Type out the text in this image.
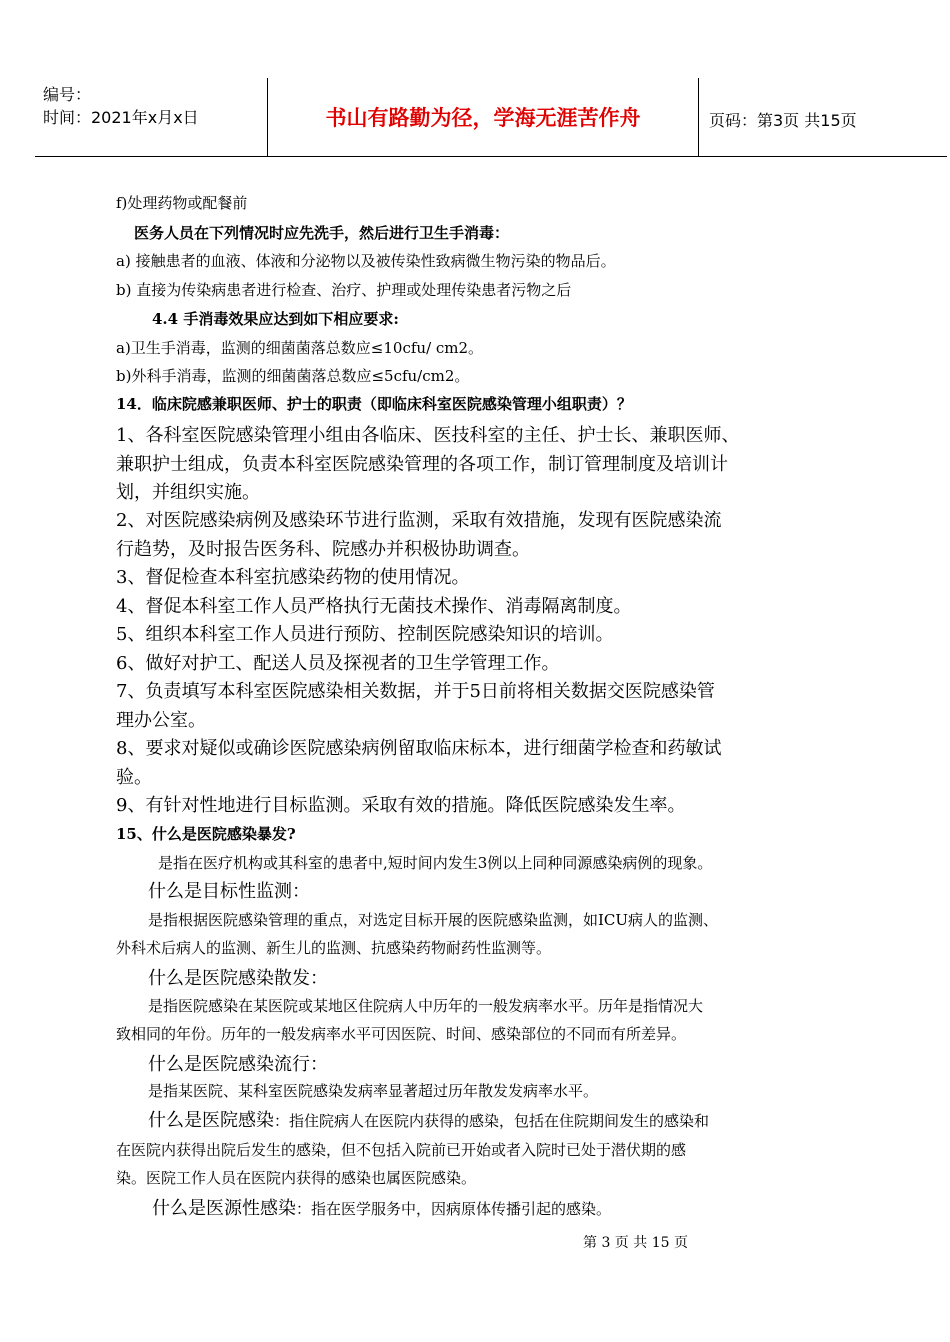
编号：
时间：2021年x月x日	书山有路勤为径，学海无涯苦作舟	页码：第3页 共15页
f)处理药物或配餐前
医务人员在下列情况时应先洗手，然后进行卫生手消毒：
a) 接触患者的血液、体液和分泌物以及被传染性致病微生物污染的物品后。
b) 直接为传染病患者进行检查、治疗、护理或处理传染患者污物之后
4.4 手消毒效果应达到如下相应要求:
a)卫生手消毒，监测的细菌菌落总数应≤10cfu/ cm2。
b)外科手消毒，监测的细菌菌落总数应≤5cfu/cm2。
14．临床院感兼职医师、护士的职责（即临床科室医院感染管理小组职责）？
1、各科室医院感染管理小组由各临床、医技科室的主任、护士长、兼职医师、
兼职护士组成，负责本科室医院感染管理的各项工作，制订管理制度及培训计
划，并组织实施。
2、对医院感染病例及感染环节进行监测，采取有效措施，发现有医院感染流
行趋势，及时报告医务科、院感办并积极协助调查。
3、督促检查本科室抗感染药物的使用情况。
4、督促本科室工作人员严格执行无菌技术操作、消毒隔离制度。
5、组织本科室工作人员进行预防、控制医院感染知识的培训。
6、做好对护工、配送人员及探视者的卫生学管理工作。
7、负责填写本科室医院感染相关数据，并于5日前将相关数据交医院感染管
理办公室。
8、要求对疑似或确诊医院感染病例留取临床标本，进行细菌学检查和药敏试
验。
9、有针对性地进行目标监测。采取有效的措施。降低医院感染发生率。
15、什么是医院感染暴发?
是指在医疗机构或其科室的患者中,短时间内发生3例以上同种同源感染病例的现象。
什么是目标性监测：
是指根据医院感染管理的重点，对选定目标开展的医院感染监测，如ICU病人的监测、
外科术后病人的监测、新生儿的监测、抗感染药物耐药性监测等。
什么是医院感染散发：
是指医院感染在某医院或某地区住院病人中历年的一般发病率水平。历年是指情况大
致相同的年份。历年的一般发病率水平可因医院、时间、感染部位的不同而有所差异。
什么是医院感染流行：
是指某医院、某科室医院感染发病率显著超过历年散发发病率水平。
什么是医院感染：指住院病人在医院内获得的感染，包括在住院期间发生的感染和
在医院内获得出院后发生的感染，但不包括入院前已开始或者入院时已处于潜伏期的感
染。医院工作人员在医院内获得的感染也属医院感染。
什么是医源性感染：指在医学服务中，因病原体传播引起的感染。
第 3 页 共 15 页
